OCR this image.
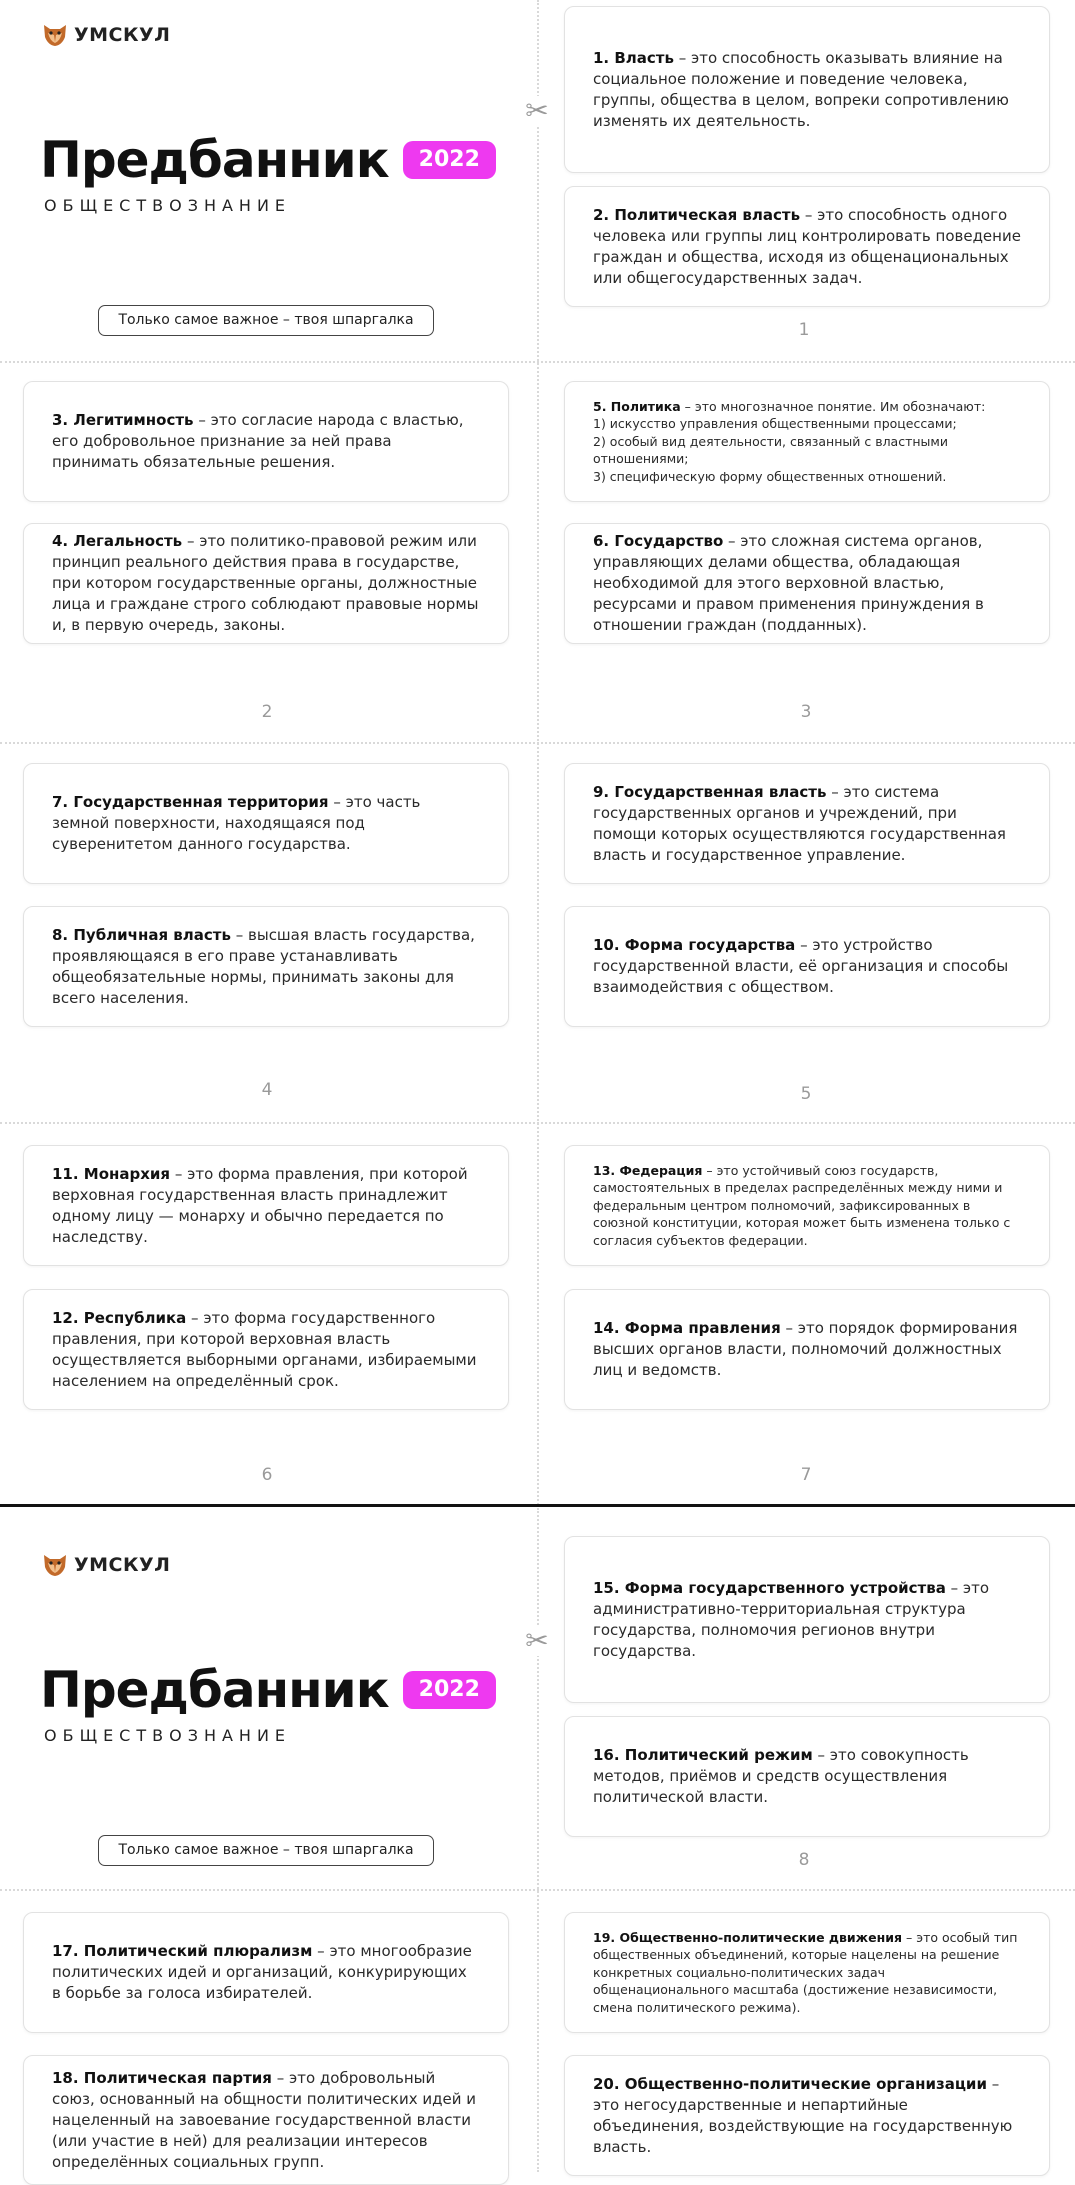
✂
УМСКУЛ
Предбанник	2022
ОБЩЕСТВОЗНАНИЕ
Только самое важное – твоя шпаргалка

1. Власть – это способность оказывать влияние на социальное положение и поведение человека, группы, общества в целом, вопреки сопротивлению изменять их деятельность.

2. Политическая власть – это способность одного человека или группы лиц контролировать поведение граждан и общества, исходя из общенациональных или общегосударственных задач.

3. Легитимность – это согласие народа с властью, его добровольное признание за ней права принимать обязательные решения.

4. Легальность – это политико-правовой режим или принцип реального действия права в государстве, при котором государственные органы, должностные лица и граждане строго соблюдают правовые нормы и, в первую очередь, законы.

5. Политика – это многозначное понятие. Им обозначают:
1) искусство управления общественными процессами;
2) особый вид деятельности, связанный с властными отношениями;
3) специфическую форму общественных отношений.

6. Государство – это сложная система органов, управляющих делами общества, обладающая необходимой для этого верховной властью, ресурсами и правом применения принуждения в отношении граждан (подданных).

7. Государственная территория – это часть земной поверхности, находящаяся под суверенитетом данного государства.

8. Публичная власть – высшая власть государства, проявляющаяся в его праве устанавливать общеобязательные нормы, принимать законы для всего населения.

9. Государственная власть – это система государственных органов и учреждений, при помощи которых осуществляются государственная власть и государственное управление.

10. Форма государства – это устройство государственной власти, её организация и способы взаимодействия с обществом.

11. Монархия – это форма правления, при которой верховная государственная власть принадлежит одному лицу — монарху и обычно передается по наследству.

12. Республика – это форма государственного правления, при которой верховная власть осуществляется выборными органами, избираемыми населением на определённый срок.

13. Федерация – это устойчивый союз государств, самостоятельных в пределах распределённых между ними и федеральным центром полномочий, зафиксированных в союзной конституции, которая может быть изменена только с согласия субъектов федерации.

14. Форма правления – это порядок формирования высших органов власти, полномочий должностных лиц и ведомств.

1
2	3
4	5
6	7
✂
УМСКУЛ
Предбанник	2022
ОБЩЕСТВОЗНАНИЕ
Только самое важное – твоя шпаргалка

15. Форма государственного устройства – это административно-территориальная структура государства, полномочия регионов внутри государства.

16. Политический режим – это совокупность методов, приёмов и средств осуществления политической власти.

8

17. Политический плюрализм – это многообразие политических идей и организаций, конкурирующих в борьбе за голоса избирателей.

18. Политическая партия – это добровольный союз, основанный на общности политических идей и нацеленный на завоевание государственной власти (или участие в ней) для реализации интересов определённых социальных групп.

19. Общественно-политические движения – это особый тип общественных объединений, которые нацелены на решение конкретных социально-политических задач общенационального масштаба (достижение независимости, смена политического режима).

20. Общественно-политические организации – это негосударственные и непартийные объединения, воздействующие на государственную власть.
